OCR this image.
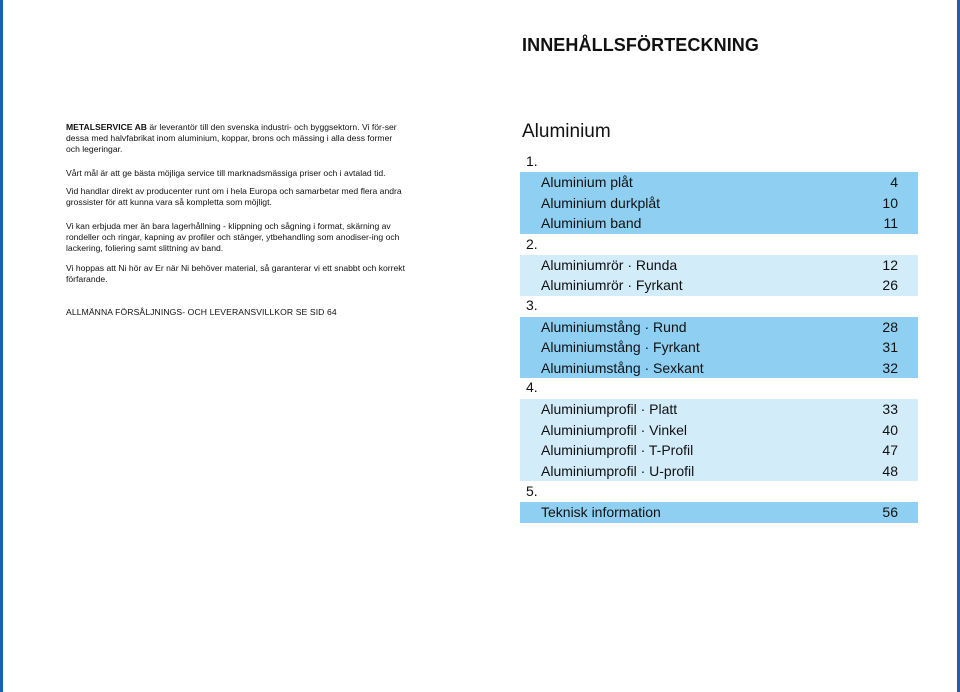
INNEHÅLLSFÖRTECKNING

METALSERVICE AB är leverantör till den svenska industri- och byggsektorn. Vi för-ser dessa med halvfabrikat inom aluminium, koppar, brons och mässing i alla dess former och legeringar.

Vårt mål är att ge bästa möjliga service till marknadsmässiga priser och i avtalad tid.

Vid handlar direkt av producenter runt om i hela Europa och samarbetar med flera andra grossister för att kunna vara så kompletta som möjligt.

Vi kan erbjuda mer än bara lagerhållning - klippning och sågning i format, skärning av rondeller och ringar, kapning av profiler och stänger, ytbehandling som anodiser-ing och lackering, foliering samt slittning av band.

Vi hoppas att Ni hör av Er när Ni behöver material, så garanterar vi ett snabbt och korrekt förfarande.

ALLMÄNNA FÖRSÅLJNINGS- OCH LEVERANSVILLKOR SE SID 64
Aluminium
1.
Aluminium plåt	4
Aluminium durkplåt	10
Aluminium band	11
2.
Aluminiumrör · Runda	12
Aluminiumrör · Fyrkant	26
3.
Aluminiumstång · Rund	28
Aluminiumstång · Fyrkant	31
Aluminiumstång · Sexkant	32
4.
Aluminiumprofil · Platt	33
Aluminiumprofil · Vinkel	40
Aluminiumprofil · T-Profil	47
Aluminiumprofil · U-profil	48
5.
Teknisk information	56
